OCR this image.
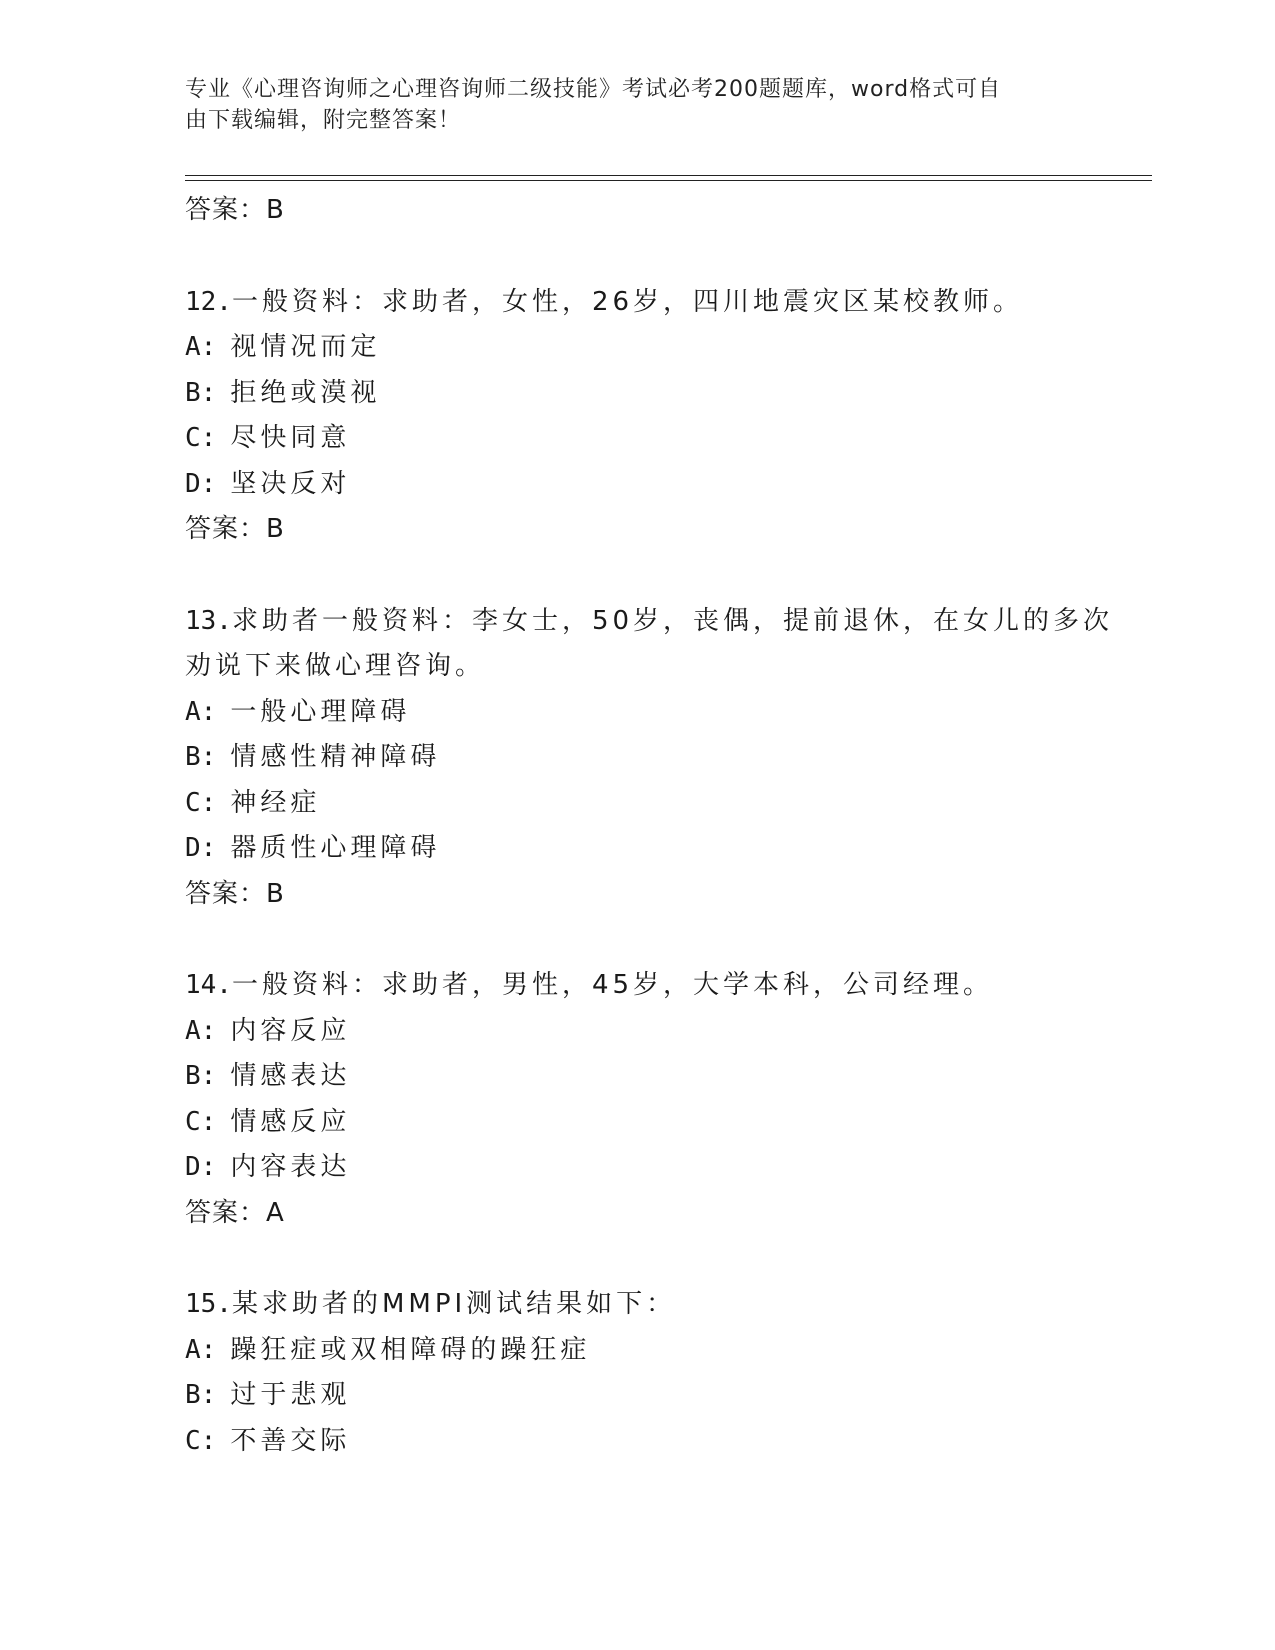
专业《心理咨询师之心理咨询师二级技能》考试必考200题题库，word格式可自
由下载编辑，附完整答案！
答案：B
12.一般资料：求助者，女性，26岁，四川地震灾区某校教师。
A: 视情况而定
B: 拒绝或漠视
C: 尽快同意
D: 坚决反对
答案：B
13.求助者一般资料：李女士，50岁，丧偶，提前退休，在女儿的多次
劝说下来做心理咨询。
A: 一般心理障碍
B: 情感性精神障碍
C: 神经症
D: 器质性心理障碍
答案：B
14.一般资料：求助者，男性，45岁，大学本科，公司经理。
A: 内容反应
B: 情感表达
C: 情感反应
D: 内容表达
答案：A
15.某求助者的MMPI测试结果如下：
A: 躁狂症或双相障碍的躁狂症
B: 过于悲观
C: 不善交际
